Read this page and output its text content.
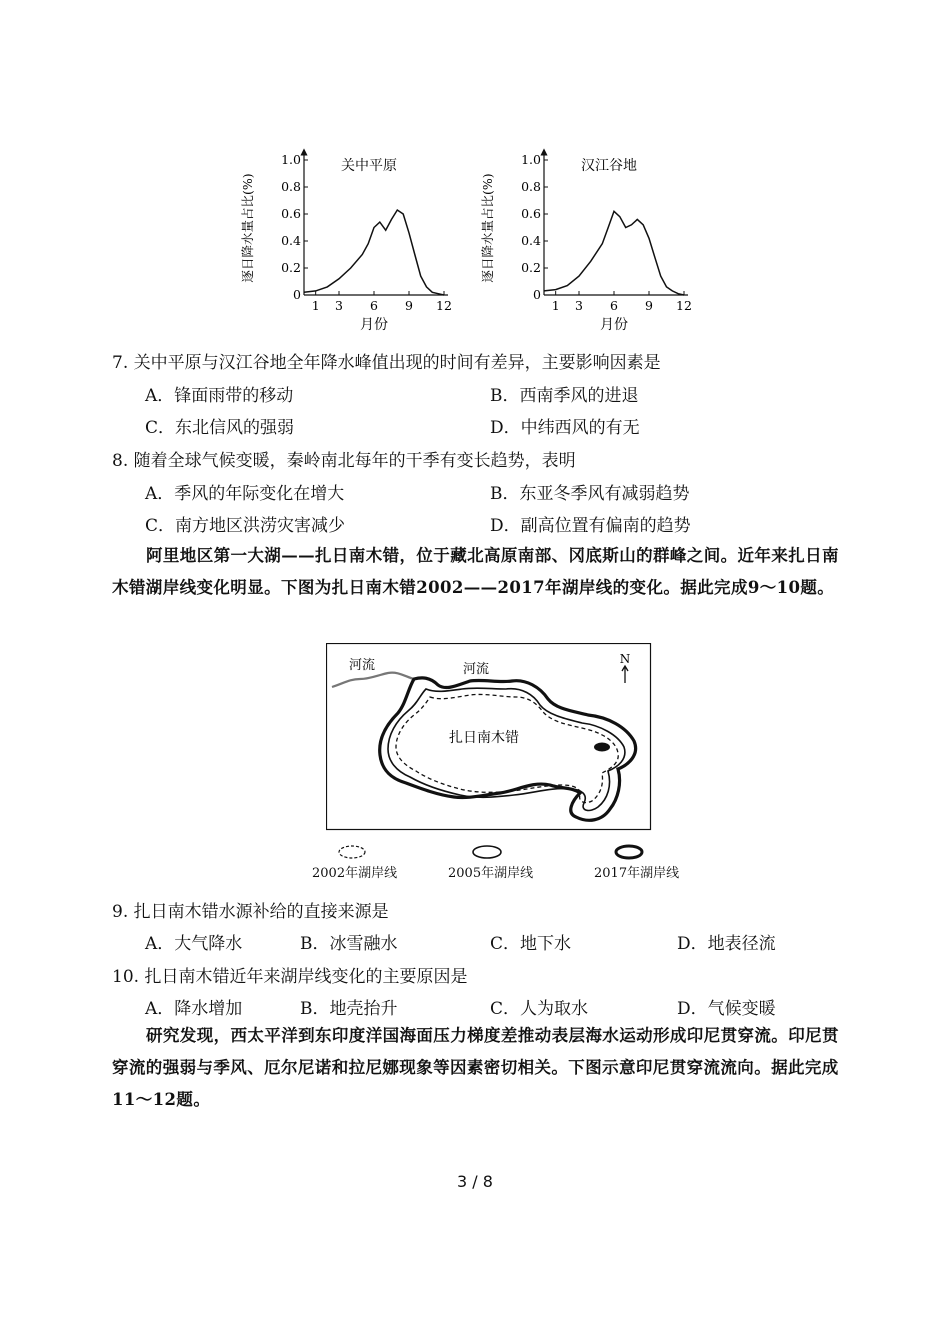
逐日降水量占比(%)
关中平原
月份
0
0.2
0.4
0.6
0.8
1.0
1 3 6 9 12
逐日降水量占比(%)
汉江谷地
月份
0
0.2
0.4
0.6
0.8
1.0
1 3 6 9 12
7. 关中平原与汉江谷地全年降水峰值出现的时间有差异，主要影响因素是
A．锋面雨带的移动	B．西南季风的进退
C．东北信风的强弱	D．中纬西风的有无
8. 随着全球气候变暖，秦岭南北每年的干季有变长趋势，表明
A．季风的年际变化在增大	B．东亚冬季风有减弱趋势
C．南方地区洪涝灾害减少	D．副高位置有偏南的趋势
阿里地区第一大湖——扎日南木错，位于藏北高原南部、冈底斯山的群峰之间。近年来扎日南木错湖岸线变化明显。下图为扎日南木错2002——2017年湖岸线的变化。据此完成9～10题。
河流	河流
扎日南木错
N
2002年湖岸线	2005年湖岸线	2017年湖岸线
9. 扎日南木错水源补给的直接来源是
A．大气降水	B．冰雪融水	C．地下水	D．地表径流
10. 扎日南木错近年来湖岸线变化的主要原因是
A．降水增加	B．地壳抬升	C．人为取水	D．气候变暖
研究发现，西太平洋到东印度洋国海面压力梯度差推动表层海水运动形成印尼贯穿流。印尼贯穿流的强弱与季风、厄尔尼诺和拉尼娜现象等因素密切相关。下图示意印尼贯穿流流向。据此完成11～12题。
3 / 8
